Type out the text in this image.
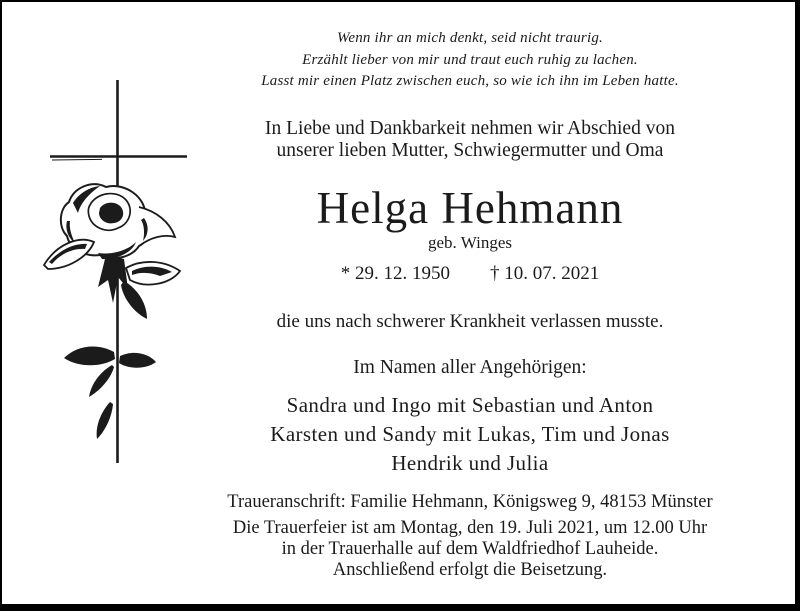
Wenn ihr an mich denkt, seid nicht traurig.
Erzählt lieber von mir und traut euch ruhig zu lachen.
Lasst mir einen Platz zwischen euch, so wie ich ihn im Leben hatte.
In Liebe und Dankbarkeit nehmen wir Abschied von
unserer lieben Mutter, Schwiegermutter und Oma
Helga Hehmann
geb. Winges
* 29. 12. 1950 † 10. 07. 2021
die uns nach schwerer Krankheit verlassen musste.
Im Namen aller Angehörigen:
Sandra und Ingo mit Sebastian und Anton
Karsten und Sandy mit Lukas, Tim und Jonas
Hendrik und Julia
Traueranschrift: Familie Hehmann, Königsweg 9, 48153 Münster
Die Trauerfeier ist am Montag, den 19. Juli 2021, um 12.00 Uhr
in der Trauerhalle auf dem Waldfriedhof Lauheide.
Anschließend erfolgt die Beisetzung.
